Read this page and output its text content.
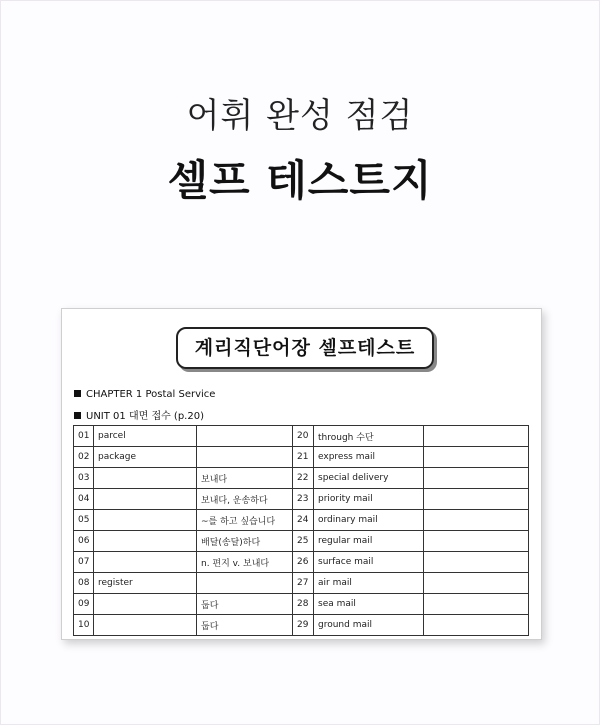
어휘 완성 점검
셀프 테스트지
계리직단어장 셀프테스트
CHAPTER 1 Postal Service
UNIT 01 대면 접수 (p.20)
01	parcel		20	through 수단	
02	package		21	express mail	
03		보내다	22	special delivery	
04		보내다, 운송하다	23	priority mail	
05		~를 하고 싶습니다	24	ordinary mail	
06		배달(송달)하다	25	regular mail	
07		n. 편지 v. 보내다	26	surface mail	
08	register		27	air mail	
09		둡다	28	sea mail	
10		둡다	29	ground mail	
